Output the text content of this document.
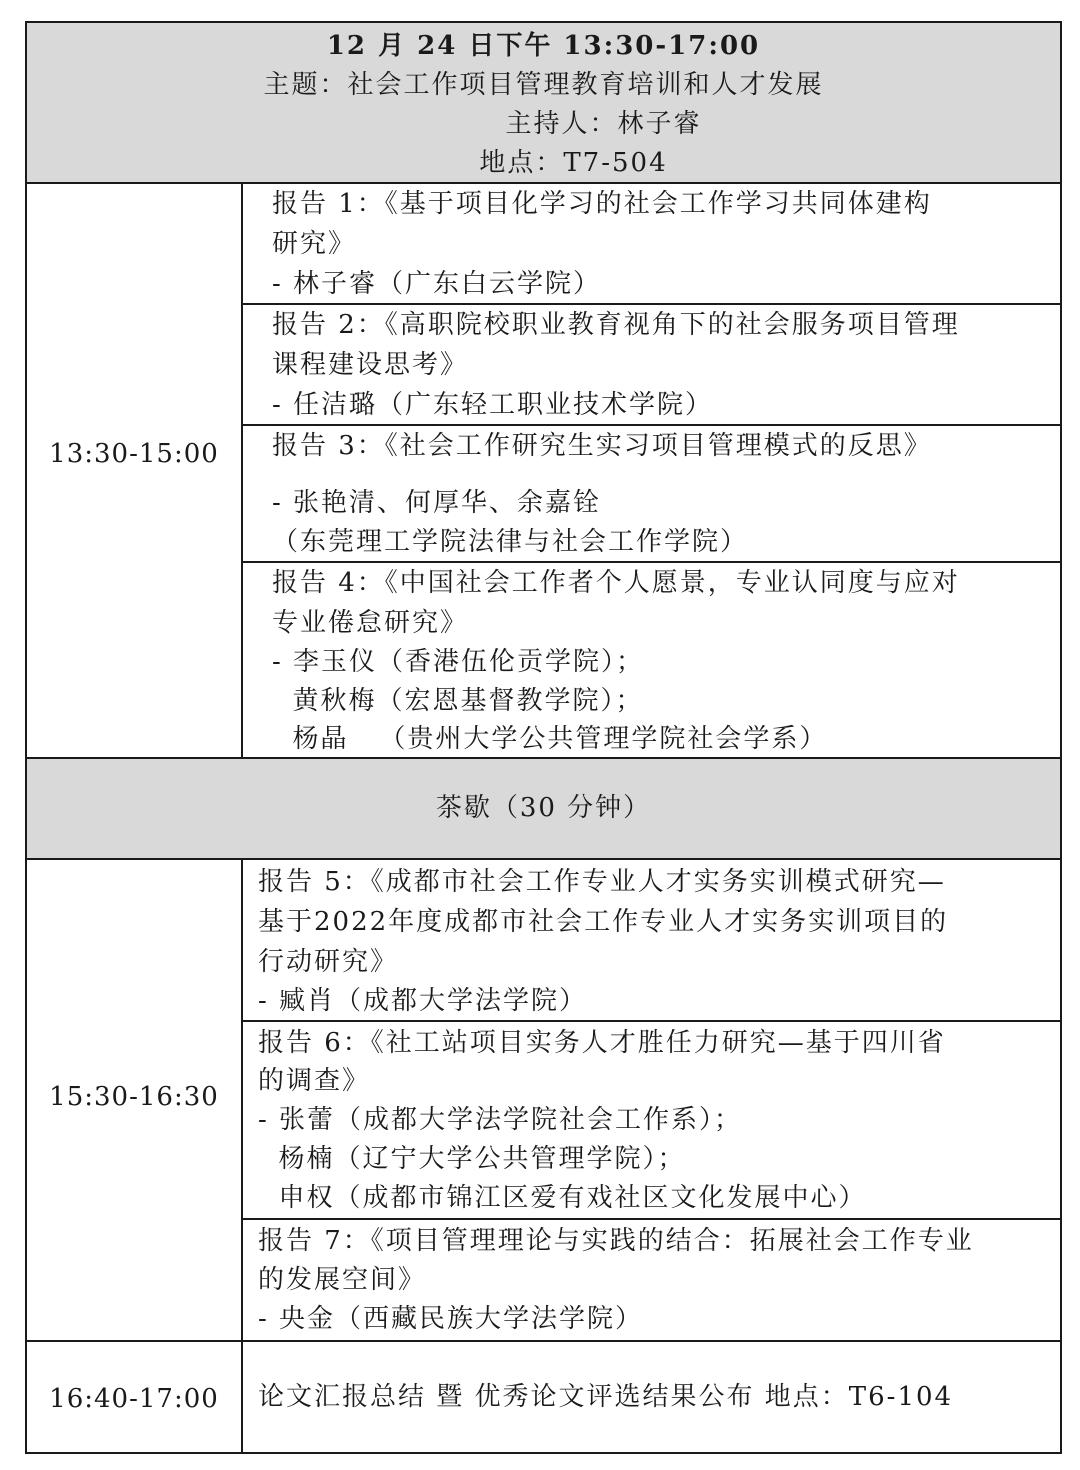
12 月 24 日下午 13:30-17:00
主题：社会工作项目管理教育培训和人才发展
主持人：林子睿
地点：T7-504
13:30-15:00
报告 1：《基于项目化学习的社会工作学习共同体建构
研究》
- 林子睿（广东白云学院）
报告 2：《高职院校职业教育视角下的社会服务项目管理
课程建设思考》
- 任洁璐（广东轻工职业技术学院）
报告 3：《社会工作研究生实习项目管理模式的反思》
- 张艳清、何厚华、余嘉铨
（东莞理工学院法律与社会工作学院）
报告 4：《中国社会工作者个人愿景，专业认同度与应对
专业倦怠研究》
- 李玉仪（香港伍伦贡学院）；
黄秋梅（宏恩基督教学院）；
杨晶   （贵州大学公共管理学院社会学系）
茶歇（30 分钟）
15:30-16:30
报告 5：《成都市社会工作专业人才实务实训模式研究—
基于2022年度成都市社会工作专业人才实务实训项目的
行动研究》
- 臧肖（成都大学法学院）
报告 6：《社工站项目实务人才胜任力研究—基于四川省
的调查》
- 张蕾（成都大学法学院社会工作系）；
杨楠（辽宁大学公共管理学院）；
申权（成都市锦江区爱有戏社区文化发展中心）
报告 7：《项目管理理论与实践的结合：拓展社会工作专业
的发展空间》
- 央金（西藏民族大学法学院）
16:40-17:00	论文汇报总结 暨 优秀论文评选结果公布 地点：T6-104
